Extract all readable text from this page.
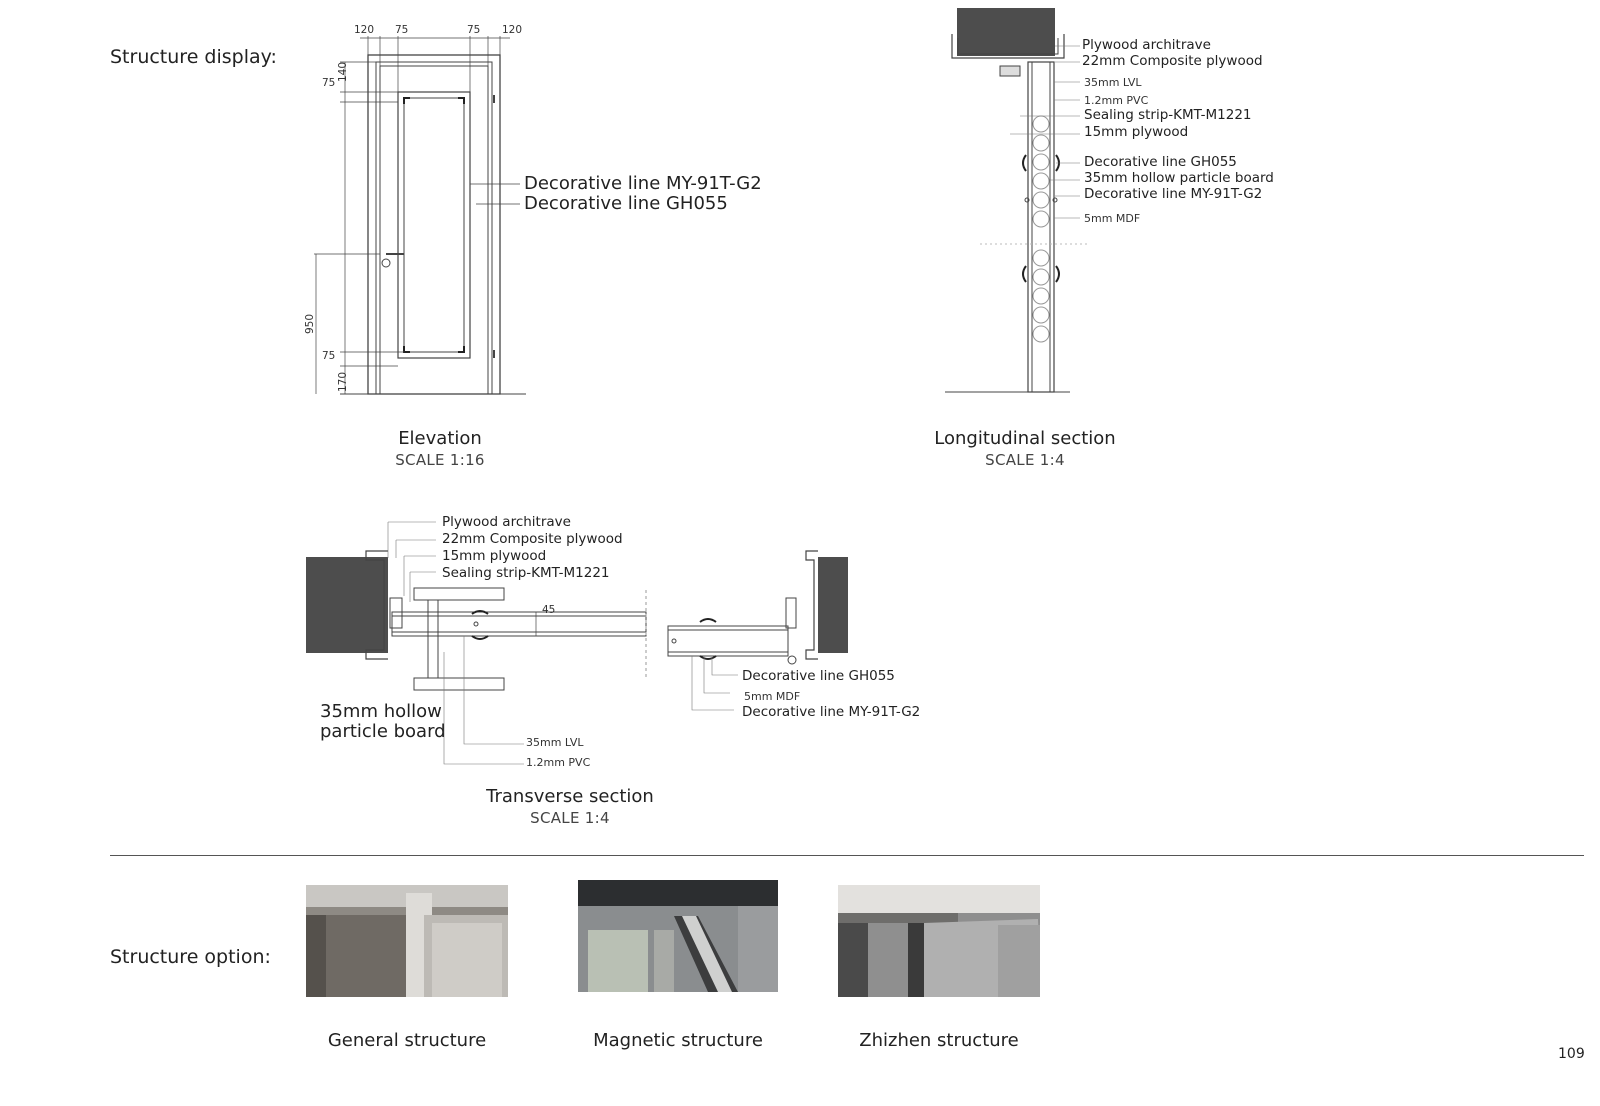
Structure display:
120 75	75 120
140
75
950
75
170
Decorative line MY-91T-G2
Decorative line GH055
Elevation
SCALE 1:16
Plywood architrave
22mm Composite plywood
35mm LVL
1.2mm PVC
Sealing strip-KMT-M1221
15mm plywood
Decorative line GH055
35mm hollow particle board
Decorative line MY-91T-G2
5mm MDF
Longitudinal section
SCALE 1:4
Plywood architrave
22mm Composite plywood
15mm plywood
Sealing strip-KMT-M1221
45
Decorative line GH055
5mm MDF
Decorative line MY-91T-G2
35mm hollow
particle board
35mm LVL
1.2mm PVC
Transverse section
SCALE 1:4
Structure option:
General structure	Magnetic structure	Zhizhen structure
109
